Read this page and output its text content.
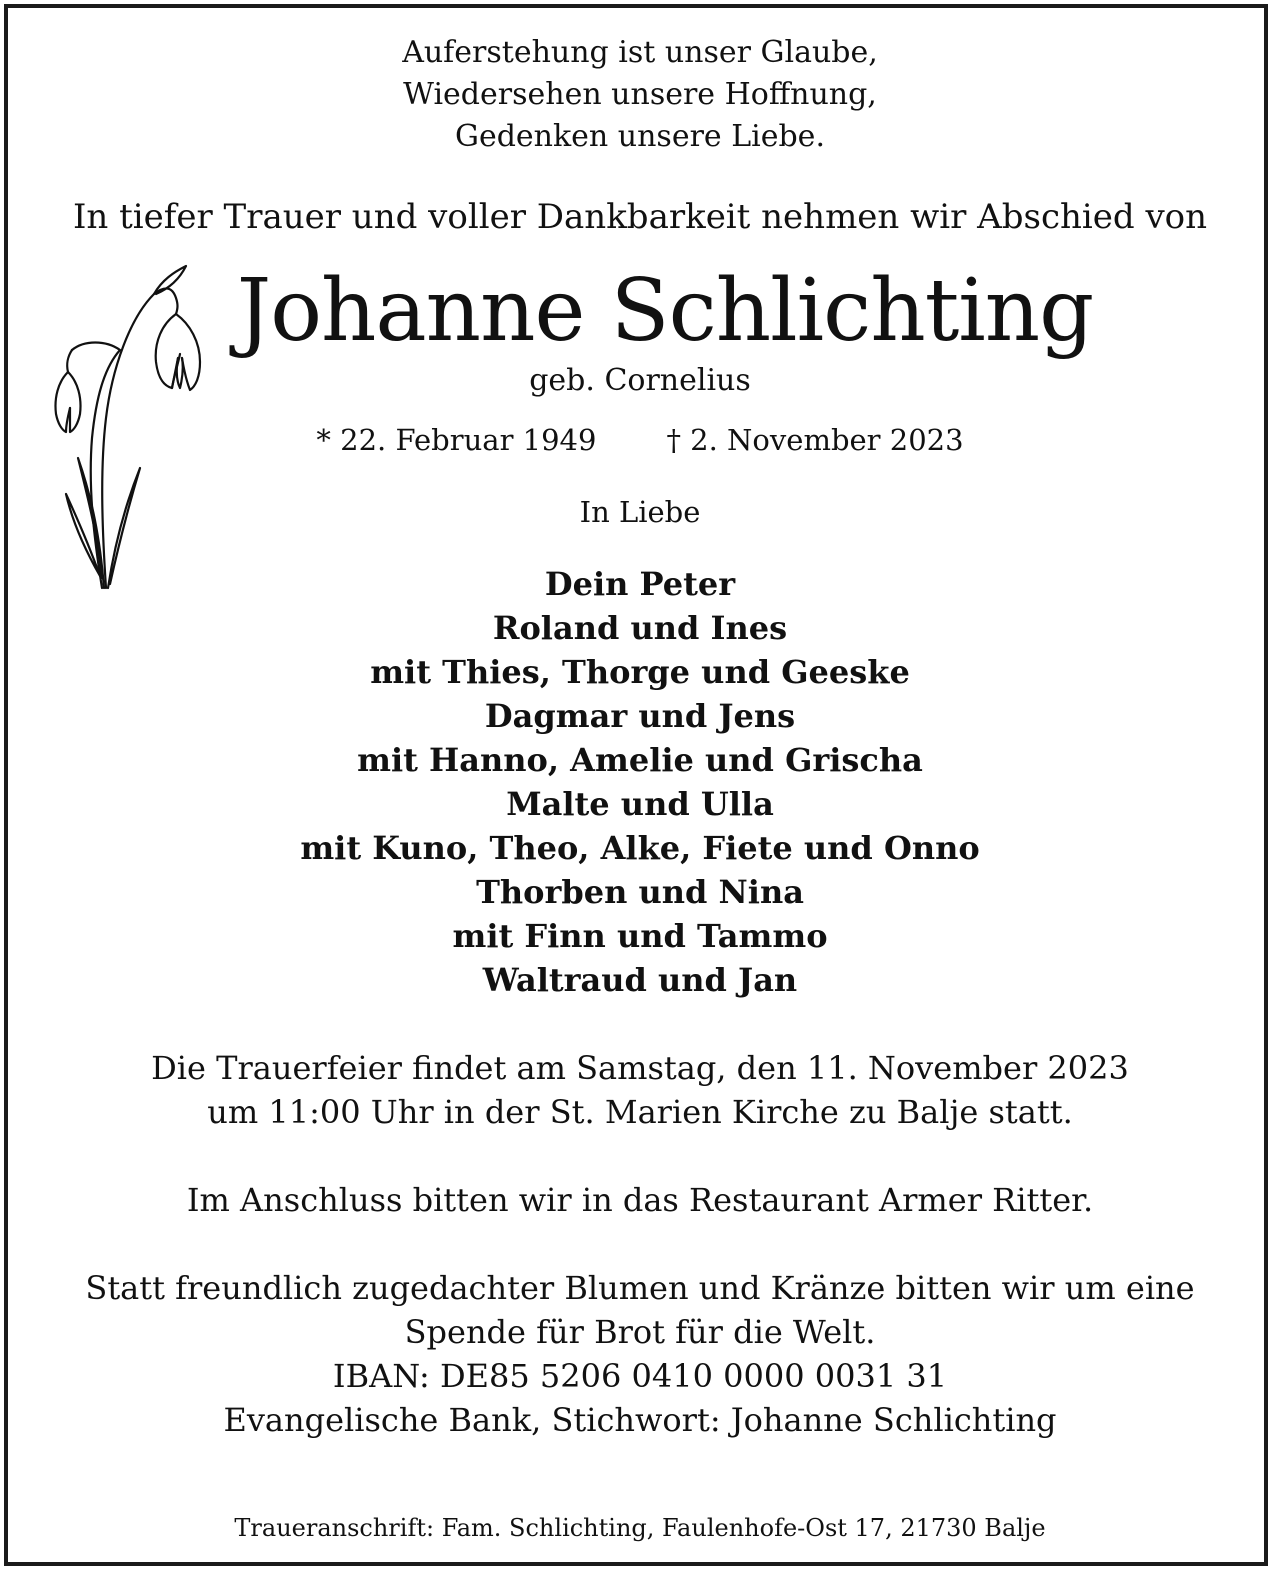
Auferstehung ist unser Glaube,
Wiedersehen unsere Hoffnung,
Gedenken unsere Liebe.
In tiefer Trauer und voller Dankbarkeit nehmen wir Abschied von
Johanne Schlichting
geb. Cornelius
* 22. Februar 1949 † 2. November 2023
In Liebe
Dein Peter
Roland und Ines
mit Thies, Thorge und Geeske
Dagmar und Jens
mit Hanno, Amelie und Grischa
Malte und Ulla
mit Kuno, Theo, Alke, Fiete und Onno
Thorben und Nina
mit Finn und Tammo
Waltraud und Jan
Die Trauerfeier findet am Samstag, den 11. November 2023
um 11:00 Uhr in der St. Marien Kirche zu Balje statt.
Im Anschluss bitten wir in das Restaurant Armer Ritter.
Statt freundlich zugedachter Blumen und Kränze bitten wir um eine
Spende für Brot für die Welt.
IBAN: DE85 5206 0410 0000 0031 31
Evangelische Bank, Stichwort: Johanne Schlichting
Traueranschrift: Fam. Schlichting, Faulenhofe-Ost 17, 21730 Balje
